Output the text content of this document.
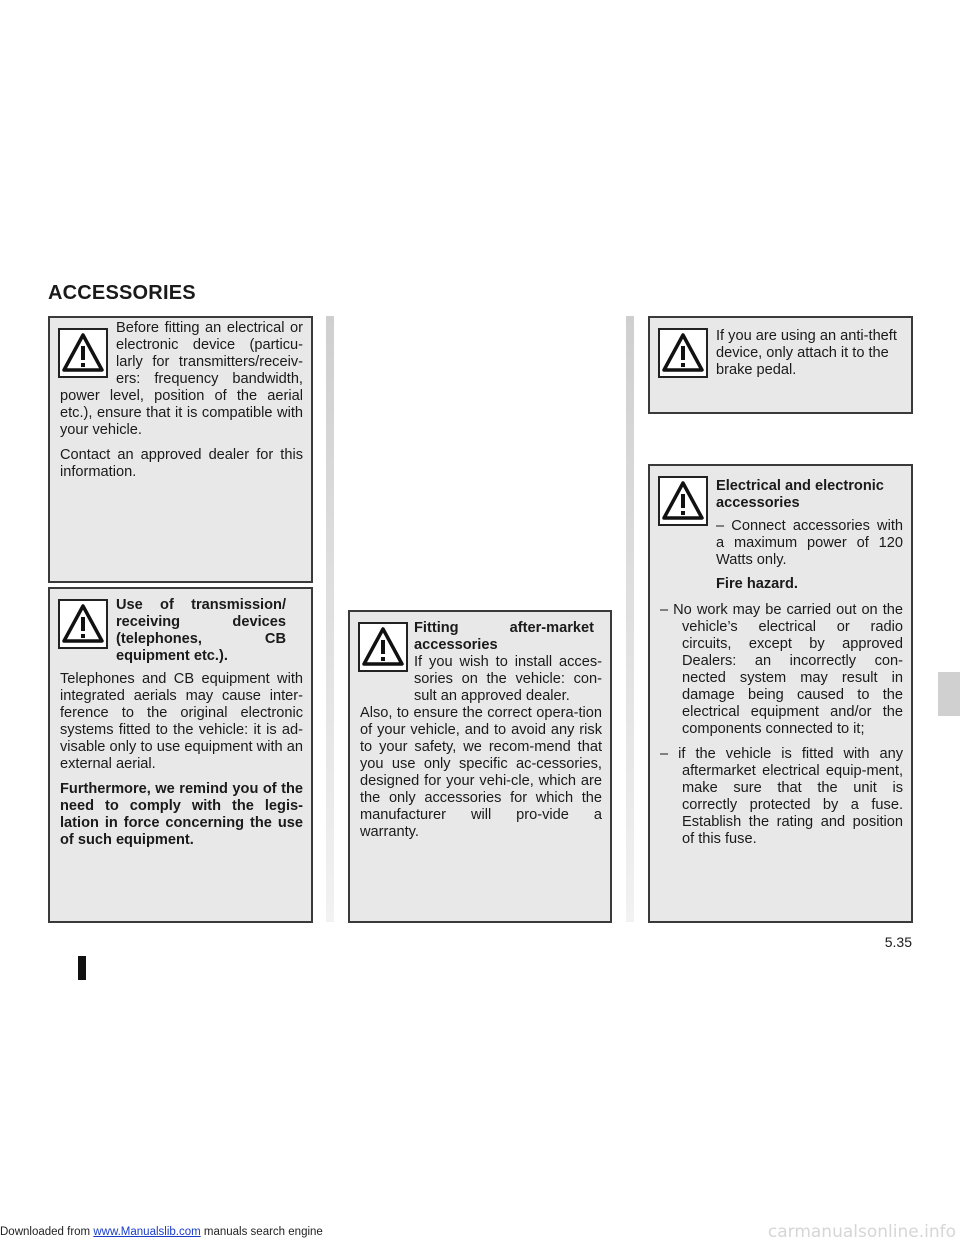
ACCESSORIES

Before fitting an electrical or electronic device (particu-larly for transmitters/receiv-ers: frequency bandwidth, power level, position of the aerial etc.), ensure that it is compatible with your vehicle.

Contact an approved dealer for this information.

Use of transmission/ receiving devices (telephones, CB equipment etc.).

Telephones and CB equipment with integrated aerials may cause inter-ference to the original electronic systems fitted to the vehicle: it is ad-visable only to use equipment with an external aerial.

Furthermore, we remind you of the need to comply with the legis-lation in force concerning the use of such equipment.

Fitting after-market accessories

If you wish to install acces-sories on the vehicle: con-sult an approved dealer.

Also, to ensure the correct opera-tion of your vehicle, and to avoid any risk to your safety, we recom-mend that you use only specific ac-cessories, designed for your vehi-cle, which are the only accessories for which the manufacturer will pro-vide a warranty.

If you are using an anti-theft device, only attach it to the brake pedal.
Electrical and electronic accessories
– Connect accessories with a maximum power of 120 Watts only.
Fire hazard.

– No work may be carried out on the vehicle’s electrical or radio circuits, except by approved Dealers: an incorrectly con-nected system may result in damage being caused to the electrical equipment and/or the components connected to it;

– if the vehicle is fitted with any aftermarket electrical equip-ment, make sure that the unit is correctly protected by a fuse. Establish the rating and position of this fuse.

5.35
Downloaded from www.Manualslib.com manuals search engine	carmanualsonline.info
